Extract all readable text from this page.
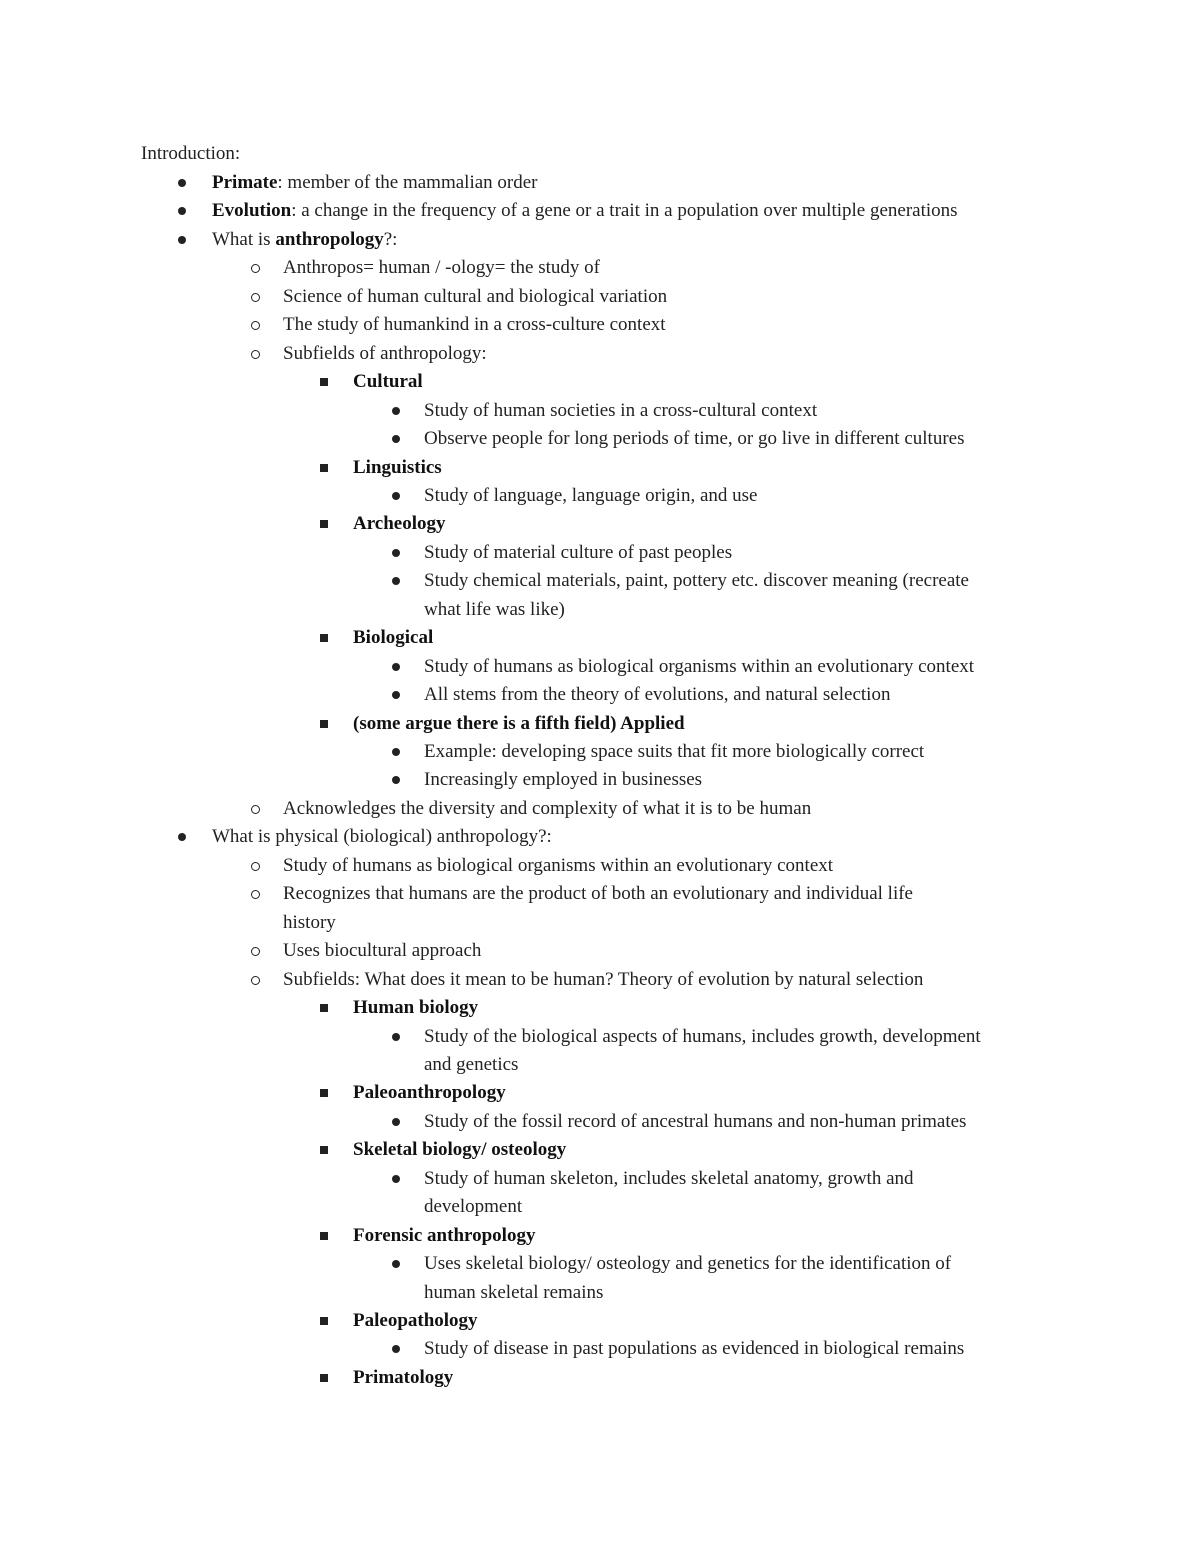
Introduction:
Primate: member of the mammalian order
Evolution: a change in the frequency of a gene or a trait in a population over multiple generations
What is anthropology?:
Anthropos= human / -ology= the study of
Science of human cultural and biological variation
The study of humankind in a cross-culture context
Subfields of anthropology:
Cultural
Study of human societies in a cross-cultural context
Observe people for long periods of time, or go live in different cultures
Linguistics
Study of language, language origin, and use
Archeology
Study of material culture of past peoples
Study chemical materials, paint, pottery etc. discover meaning (recreate
what life was like)
Biological
Study of humans as biological organisms within an evolutionary context
All stems from the theory of evolutions, and natural selection
(some argue there is a fifth field) Applied
Example: developing space suits that fit more biologically correct
Increasingly employed in businesses
Acknowledges the diversity and complexity of what it is to be human
What is physical (biological) anthropology?:
Study of humans as biological organisms within an evolutionary context
Recognizes that humans are the product of both an evolutionary and individual life
history
Uses biocultural approach
Subfields: What does it mean to be human? Theory of evolution by natural selection
Human biology
Study of the biological aspects of humans, includes growth, development
and genetics
Paleoanthropology
Study of the fossil record of ancestral humans and non-human primates
Skeletal biology/ osteology
Study of human skeleton, includes skeletal anatomy, growth and
development
Forensic anthropology
Uses skeletal biology/ osteology and genetics for the identification of
human skeletal remains
Paleopathology
Study of disease in past populations as evidenced in biological remains
Primatology
